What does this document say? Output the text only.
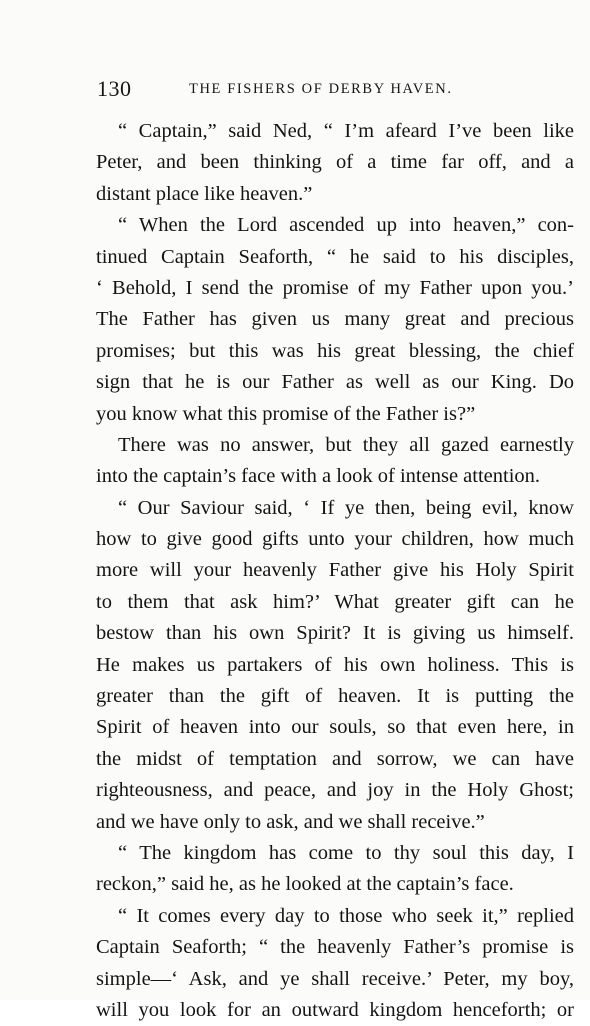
130	THE FISHERS OF DERBY HAVEN.
“ Captain,” said Ned, “ I’m afeard I’ve been like
Peter, and been thinking of a time far off, and a
distant place like heaven.”
“ When the Lord ascended up into heaven,” con-
tinued Captain Seaforth, “ he said to his disciples,
‘ Behold, I send the promise of my Father upon you.’
The Father has given us many great and precious
promises; but this was his great blessing, the chief
sign that he is our Father as well as our King. Do
you know what this promise of the Father is?”
There was no answer, but they all gazed earnestly
into the captain’s face with a look of intense attention.
“ Our Saviour said, ‘ If ye then, being evil, know
how to give good gifts unto your children, how much
more will your heavenly Father give his Holy Spirit
to them that ask him?’ What greater gift can he
bestow than his own Spirit? It is giving us himself.
He makes us partakers of his own holiness. This is
greater than the gift of heaven. It is putting the
Spirit of heaven into our souls, so that even here, in
the midst of temptation and sorrow, we can have
righteousness, and peace, and joy in the Holy Ghost;
and we have only to ask, and we shall receive.”
“ The kingdom has come to thy soul this day, I
reckon,” said he, as he looked at the captain’s face.
“ It comes every day to those who seek it,” replied
Captain Seaforth; “ the heavenly Father’s promise is
simple—‘ Ask, and ye shall receive.’ Peter, my boy,
will you look for an outward kingdom henceforth; or
